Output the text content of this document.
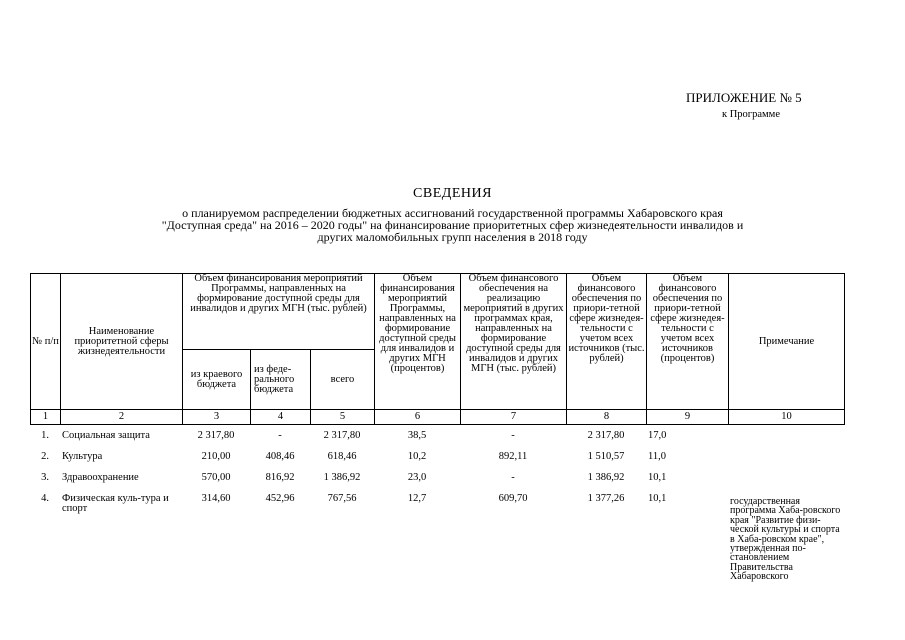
ПРИЛОЖЕНИЕ № 5
к Программе
СВЕДЕНИЯ
о планируемом распределении бюджетных ассигнований государственной программы Хабаровского края
"Доступная среда" на 2016 – 2020 годы" на финансирование приоритетных сфер жизнедеятельности инвалидов и
других маломобильных групп населения в 2018 году
№ п/п	Наименование приоритетной сферы жизнедеятельности	Объем финансирования мероприятий Программы, направленных на формирование доступной среды для инвалидов и других МГН (тыс. рублей)			Объем финансирования мероприятий Программы, направленных на формирование доступной среды для инвалидов и других МГН (процентов)	Объем финансового обеспечения на реализацию мероприятий в других программах края, направленных на формирование доступной среды для инвалидов и других МГН (тыс. рублей)	Объем финансового обеспечения по приори-тетной сфере жизнедея-тельности с учетом всех источников (тыс. рублей)	Объем финансового обеспечения по приори-тетной сфере жизнедея-тельности с учетом всех источников (процентов)	Примечание
		из краевого бюджета	из феде-рального бюджета	всего					
1	2	3	4	5	6	7	8	9	10
1.	Социальная защита	2 317,80	-	2 317,80	38,5	-	2 317,80	17,0	
2.	Культура	210,00	408,46	618,46	10,2	892,11	1 510,57	11,0	
3.	Здравоохранение	570,00	816,92	1 386,92	23,0	-	1 386,92	10,1	
4.	Физическая куль-тура и спорт	314,60	452,96	767,56	12,7	609,70	1 377,26	10,1	государственная программа Хаба-ровского края "Развитие физи-ческой культуры и спорта в Хаба-ровском крае", утвержденная по-становлением Правительства Хабаровского
